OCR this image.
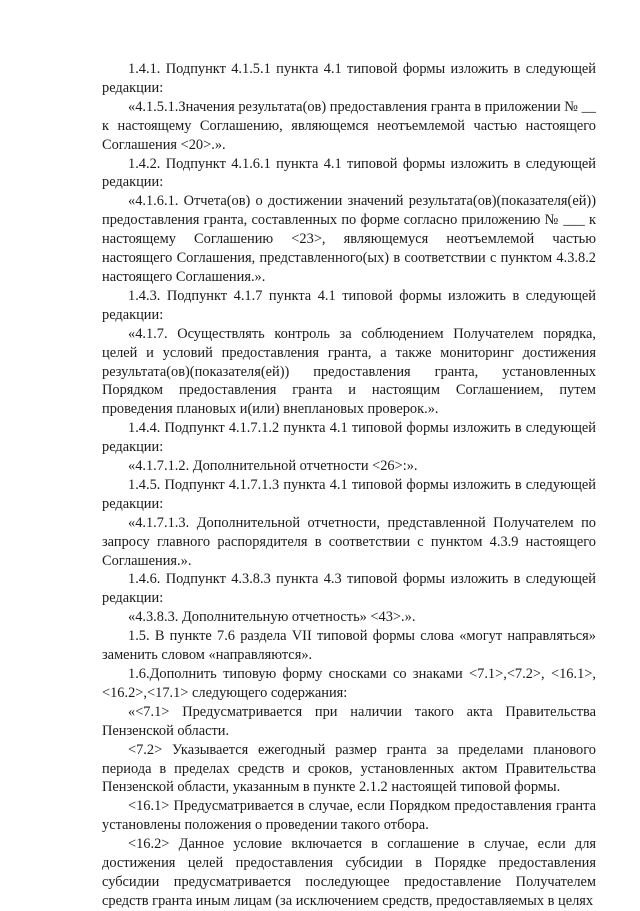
1.4.1. Подпункт 4.1.5.1 пункта 4.1 типовой формы изложить в следующей редакции:

«4.1.5.1.Значения результата(ов) предоставления гранта в приложении № __ к настоящему Соглашению, являющемся неотъемлемой частью настоящего Соглашения <20>.».

1.4.2. Подпункт 4.1.6.1 пункта 4.1 типовой формы изложить в следующей редакции:

«4.1.6.1. Отчета(ов) о достижении значений результата(ов)(показателя(ей)) предоставления гранта, составленных по форме согласно приложению № ___ к настоящему Соглашению <23>, являющемуся неотъемлемой частью настоящего Соглашения, представленного(ых) в соответствии с пунктом 4.3.8.2 настоящего Соглашения.».

1.4.3. Подпункт 4.1.7 пункта 4.1 типовой формы изложить в следующей редакции:

«4.1.7. Осуществлять контроль за соблюдением Получателем порядка, целей и условий предоставления гранта, а также мониторинг достижения результата(ов)(показателя(ей)) предоставления гранта, установленных Порядком предоставления гранта и настоящим Соглашением, путем проведения плановых и(или) внеплановых проверок.».

1.4.4. Подпункт 4.1.7.1.2 пункта 4.1 типовой формы изложить в следующей редакции:

«4.1.7.1.2. Дополнительной отчетности <26>:».

1.4.5. Подпункт 4.1.7.1.3 пункта 4.1 типовой формы изложить в следующей редакции:

«4.1.7.1.3. Дополнительной отчетности, представленной Получателем по запросу главного распорядителя в соответствии с пунктом 4.3.9 настоящего Соглашения.».

1.4.6. Подпункт 4.3.8.3 пункта 4.3 типовой формы изложить в следующей редакции:

«4.3.8.3. Дополнительную отчетность» <43>.».

1.5. В пункте 7.6 раздела VII типовой формы слова «могут направляться» заменить словом «направляются».

1.6.Дополнить типовую форму сносками со знаками <7.1>,<7.2>, <16.1>,<16.2>,<17.1> следующего содержания:

«<7.1> Предусматривается при наличии такого акта Правительства Пензенской области.

<7.2> Указывается ежегодный размер гранта за пределами планового периода в пределах средств и сроков, установленных актом Правительства Пензенской области, указанным в пункте 2.1.2 настоящей типовой формы.

<16.1> Предусматривается в случае, если Порядком предоставления гранта установлены положения о проведении такого отбора.

<16.2> Данное условие включается в соглашение в случае, если для достижения целей предоставления субсидии в Порядке предоставления субсидии предусматривается последующее предоставление Получателем средств гранта иным лицам (за исключением средств, предоставляемых в целях
